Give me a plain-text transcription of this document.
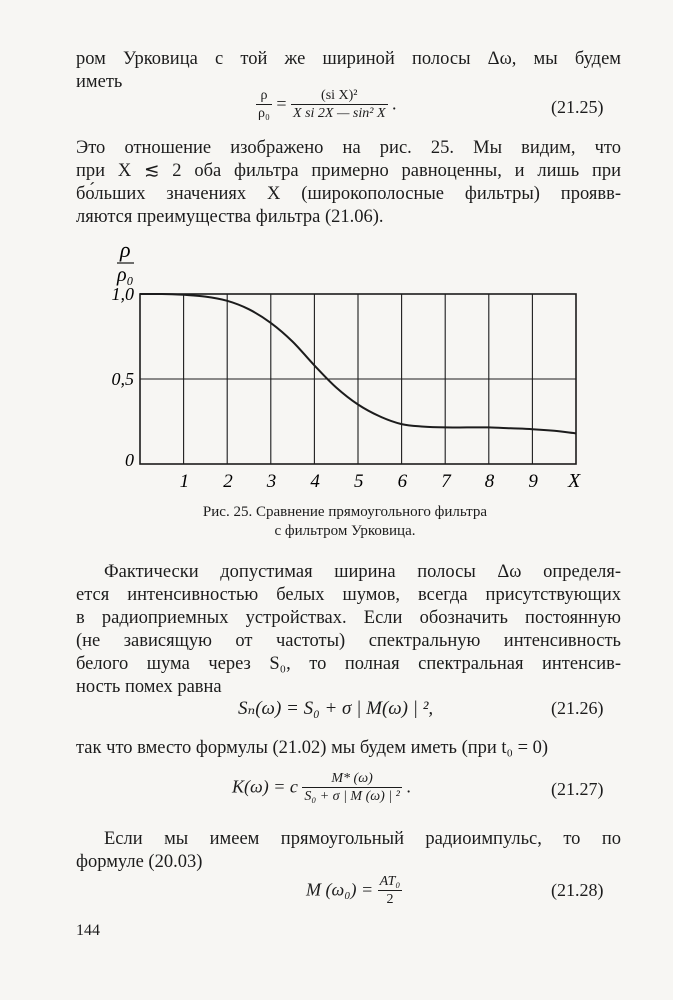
ром Урковица с той же шириной полосы Δω, мы будем
иметь
$\frac{\rho}{\text{ρ₀}} = \frac{\text{(si X)²}}{\text{X si 2X — sin² X}}$ .	(21.25)
Это отношение изображено на рис. 25. Мы видим, что
при X ≲ 2 оба фильтра примерно равноценны, и лишь при
бо́льших значениях X (широкополосные фильтры) проявв-
ляются преимущества фильтра (21.06).
1 2 3 4 5 6 7 8 9
1,0
0,5
0
ρ
ρ₀
X
Рис. 25. Сравнение прямоугольного фильтра
с фильтром Урковица.
Фактически допустимая ширина полосы Δω определя-
ется интенсивностью белых шумов, всегда присутствующих
в радиоприемных устройствах. Если обозначить постоянную
(не зависящую от частоты) спектральную интенсивность
белого шума через S₀, то полная спектральная интенсив-
ность помех равна
Sₙ(ω) = S₀ + σ | M(ω) | ²,	(21.26)
так что вместо формулы (21.02) мы будем иметь (при t₀ = 0)
K(ω) = c $\frac{M* (\omega)}{\text{S₀ + σ | M (ω) | ²}}$ .	(21.27)
Если мы имеем прямоугольный радиоимпульс, то по
формуле (20.03)
M $(\omega_0) = \frac{\text{AT₀}}{2}$	(21.28)
144
